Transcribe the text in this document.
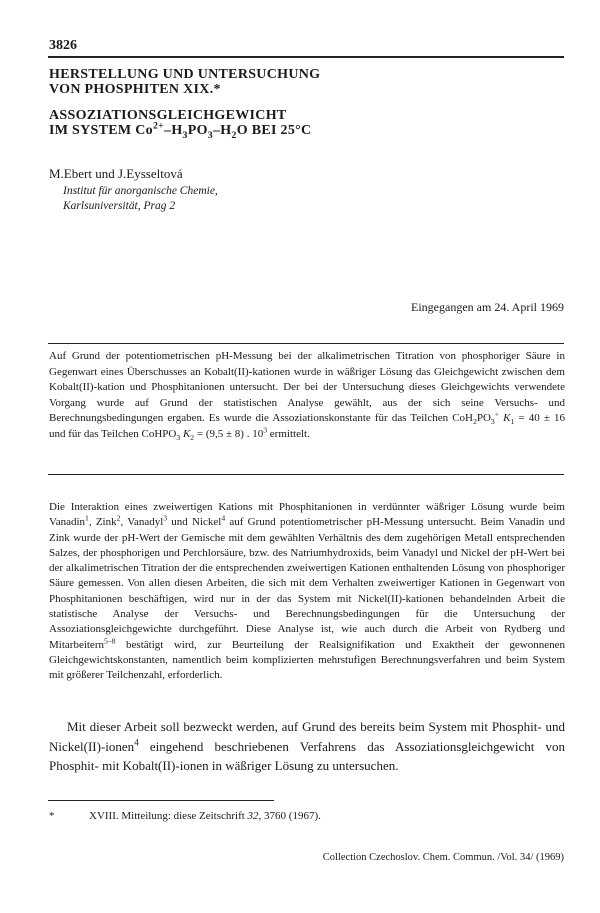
3826
HERSTELLUNG UND UNTERSUCHUNG
VON PHOSPHITEN XIX.*
ASSOZIATIONSGLEICHGEWICHT
IM SYSTEM $Co^{2+}-H_3PO_3-H_2O$ BEI 25°C
M.Ebert und J.Eysseltová
Institut für anorganische Chemie,
Karlsuniversität, Prag 2
Eingegangen am 24. April 1969
Auf Grund der potentiometrischen pH-Messung bei der alkalimetrischen Titration von phosphoriger Säure in Gegenwart eines Überschusses an Kobalt(II)-kationen wurde in wäßriger Lösung das Gleichgewicht zwischen dem Kobalt(II)-kation und Phosphitanionen untersucht. Der bei der Untersuchung dieses Gleichgewichts verwendete Vorgang wurde auf Grund der statistischen Analyse gewählt, aus der sich seine Versuchs- und Berechnungsbedingungen ergaben. Es wurde die Assoziationskonstante für das Teilchen $CoH_2PO_3^+$ $K_1 = 40 \pm 16$ und für das Teilchen CoHPO$_3$ $K_2 = (9,5 \pm 8)$ . $10^3$ ermittelt.
Die Interaktion eines zweiwertigen Kations mit Phosphitanionen in verdünnter wäßriger Lösung wurde beim Vanadin$^1$, Zink$^2$, Vanadyl$^3$ und Nickel$^4$ auf Grund potentiometrischer pH-Messung untersucht. Beim Vanadin und Zink wurde der pH-Wert der Gemische mit dem gewählten Verhältnis des dem zugehörigen Metall entsprechenden Salzes, der phosphorigen und Perchlorsäure, bzw. des Natriumhydroxids, beim Vanadyl und Nickel der pH-Wert bei der alkalimetrischen Titration der die entsprechenden zweiwertigen Kationen enthaltenden Lösung von phosphoriger Säure gemessen. Von allen diesen Arbeiten, die sich mit dem Verhalten zweiwertiger Kationen in Gegenwart von Phosphitanionen beschäftigen, wird nur in der das System mit Nickel(II)-kationen behandelnden Arbeit die statistische Analyse der Versuchs- und Berechnungsbedingungen für die Untersuchung der Assoziationsgleichgewichte durchgeführt. Diese Analyse ist, wie auch durch die Arbeit von Rydberg und Mitarbeitern$^{5-8}$ bestätigt wird, zur Beurteilung der Realsignifikation und Exaktheit der gewonnenen Gleichgewichtskonstanten, namentlich beim komplizierten mehrstufigen Berechnungsverfahren und beim System mit größerer Teilchenzahl, erforderlich.
Mit dieser Arbeit soll bezweckt werden, auf Grund des bereits beim System mit Phosphit- und Nickel(II)-ionen$^4$ eingehend beschriebenen Verfahrens das Assoziationsgleichgewicht von Phosphit- mit Kobalt(II)-ionen in wäßriger Lösung zu untersuchen.
*	XVIII. Mitteilung: diese Zeitschrift 32, 3760 (1967).
Collection Czechoslov. Chem. Commun. /Vol. 34/ (1969)
